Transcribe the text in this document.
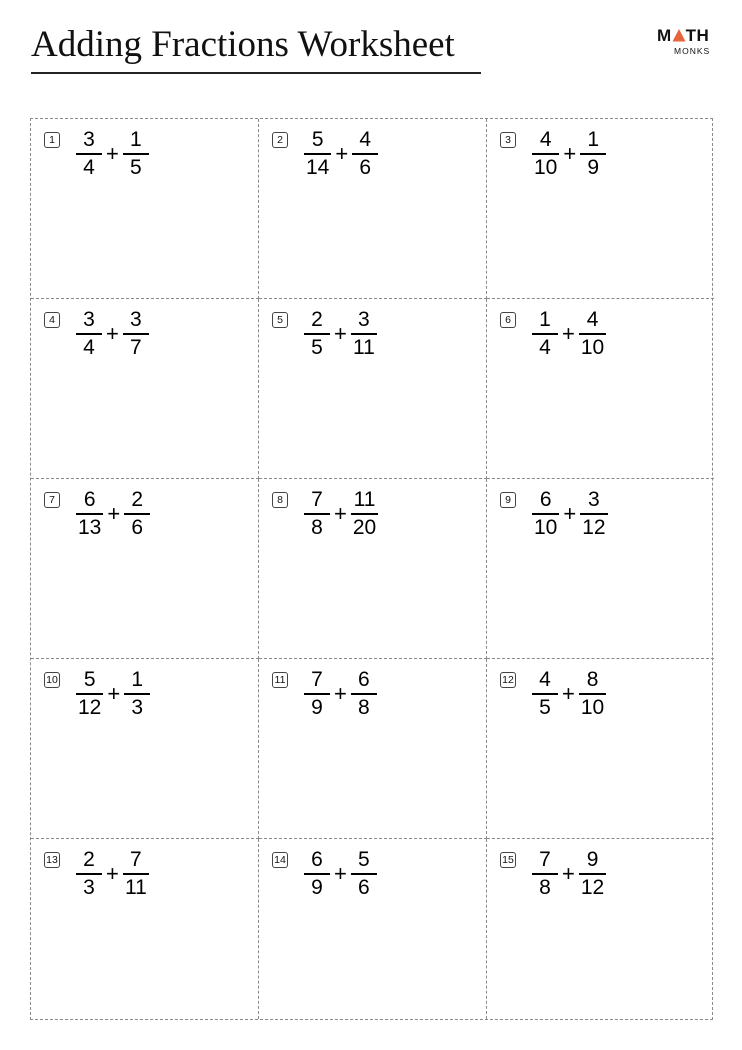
Adding Fractions Worksheet	M TH
MONKS
$1 \frac{3}{4} + \frac{1}{5}$	$2 \frac{5}{14} + \frac{4}{6}$	$3 \frac{4}{10} + \frac{1}{9}$
$4 \frac{3}{4} + \frac{3}{7}$	$5 \frac{2}{5} + \frac{3}{11}$	$6 \frac{1}{4} + \frac{4}{10}$
$7 \frac{6}{13} + \frac{2}{6}$	$8 \frac{7}{8} + \frac{11}{20}$	$9 \frac{6}{10} + \frac{3}{12}$
$10 \frac{5}{12} + \frac{1}{3}$	$11 \frac{7}{9} + \frac{6}{8}$	$12 \frac{4}{5} + \frac{8}{10}$
$13 \frac{2}{3} + \frac{7}{11}$	$14 \frac{6}{9} + \frac{5}{6}$	$15 \frac{7}{8} + \frac{9}{12}$
